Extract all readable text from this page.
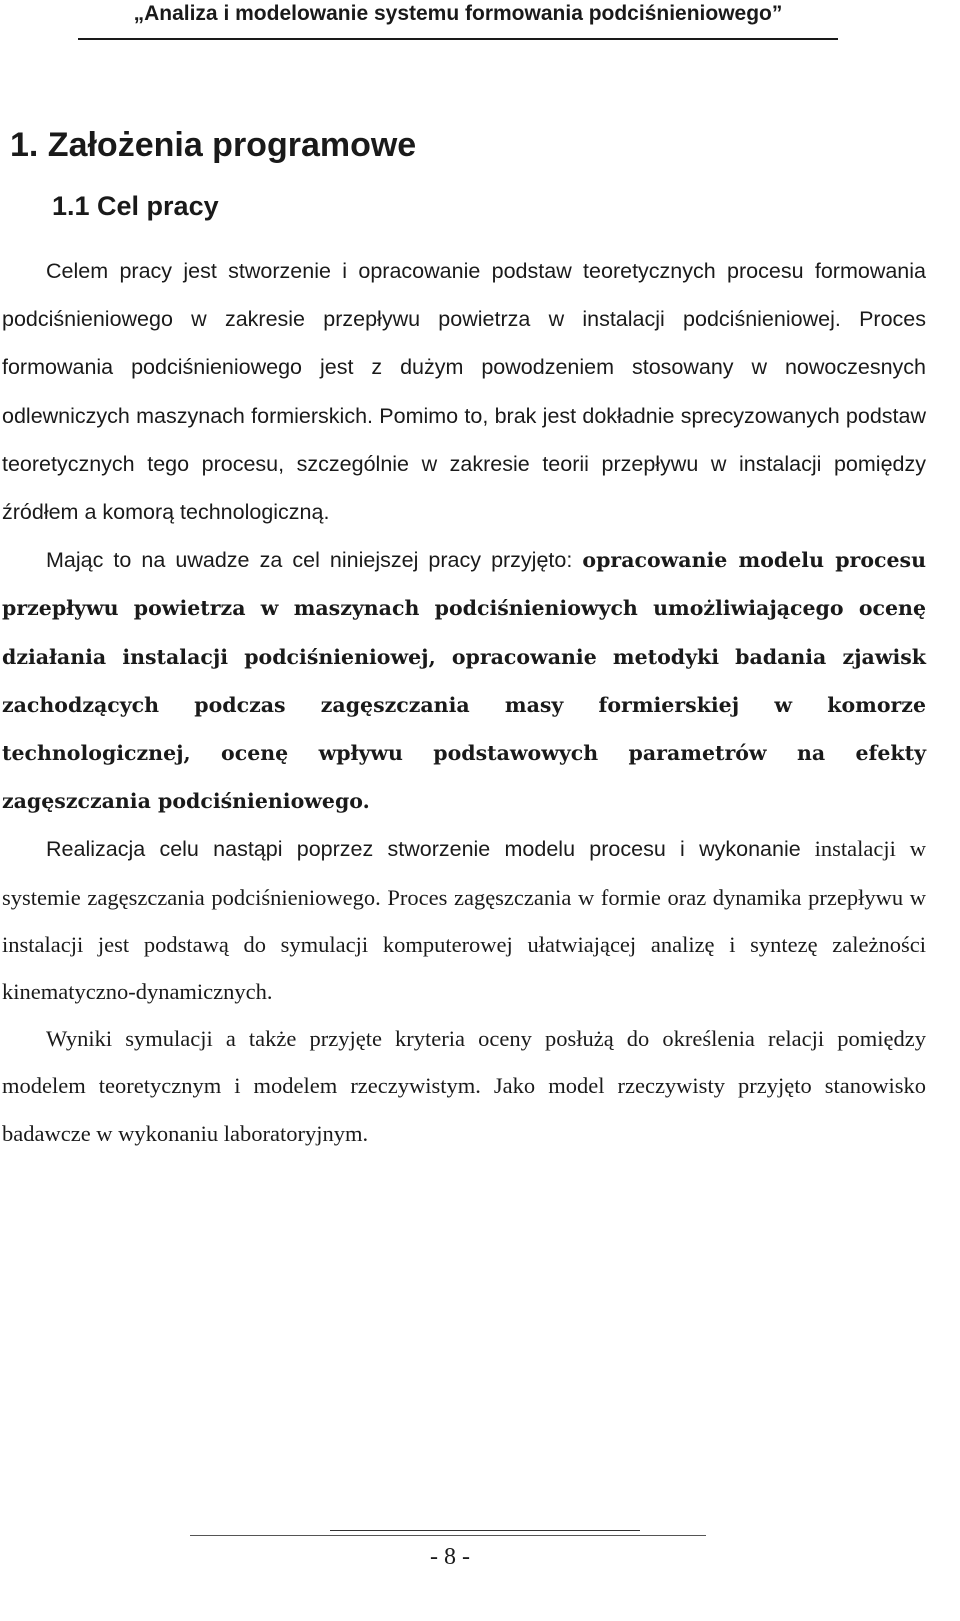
„Analiza i modelowanie systemu formowania podciśnieniowego”
1. Założenia programowe
1.1 Cel pracy

Celem pracy jest stworzenie i opracowanie podstaw teoretycznych procesu formowania podciśnieniowego w zakresie przepływu powietrza w instalacji podciśnieniowej. Proces formowania podciśnieniowego jest z dużym powodzeniem stosowany w nowoczesnych odlewniczych maszynach formierskich. Pomimo to, brak jest dokładnie sprecyzowanych podstaw teoretycznych tego procesu, szczególnie w zakresie teorii przepływu w instalacji pomiędzy źródłem a komorą technologiczną.

Mając to na uwadze za cel niniejszej pracy przyjęto: opracowanie modelu procesu przepływu powietrza w maszynach podciśnieniowych umożliwiającego ocenę działania instalacji podciśnieniowej, opracowanie metodyki badania zjawisk zachodzących podczas zagęszczania masy formierskiej w komorze technologicznej, ocenę wpływu podstawowych parametrów na efekty zagęszczania podciśnieniowego.

Realizacja celu nastąpi poprzez stworzenie modelu procesu i wykonanie instalacji w systemie zagęszczania podciśnieniowego. Proces zagęszczania w formie oraz dynamika przepływu w instalacji jest podstawą do symulacji komputerowej ułatwiającej analizę i syntezę zależności kinematyczno-dynamicznych.

Wyniki symulacji a także przyjęte kryteria oceny posłużą do określenia relacji pomiędzy modelem teoretycznym i modelem rzeczywistym. Jako model rzeczywisty przyjęto stanowisko badawcze w wykonaniu laboratoryjnym.

- 8 -
